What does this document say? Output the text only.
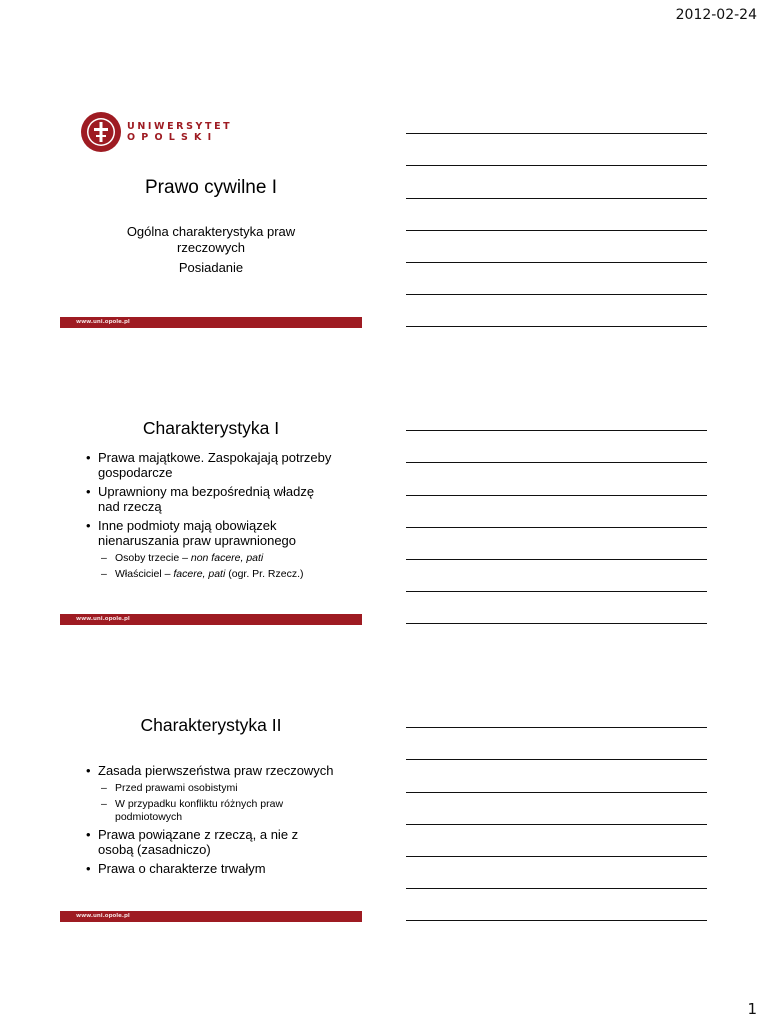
2012-02-24
UNIWERSYTET
OPOLSKI
Prawo cywilne I
Ogólna charakterystyka praw rzeczowych
Posiadanie
www.uni.opole.pl
Charakterystyka I
• Prawa majątkowe. Zaspokajają potrzeby gospodarcze
• Uprawniony ma bezpośrednią władzę nad rzeczą
• Inne podmioty mają obowiązek nienaruszania praw uprawnionego
– Osoby trzecie – non facere, pati
– Właściciel – facere, pati (ogr. Pr. Rzecz.)
www.uni.opole.pl
Charakterystyka II
• Zasada pierwszeństwa praw rzeczowych
– Przed prawami osobistymi
– W przypadku konfliktu różnych praw podmiotowych
• Prawa powiązane z rzeczą, a nie z osobą (zasadniczo)
• Prawa o charakterze trwałym
www.uni.opole.pl
1
